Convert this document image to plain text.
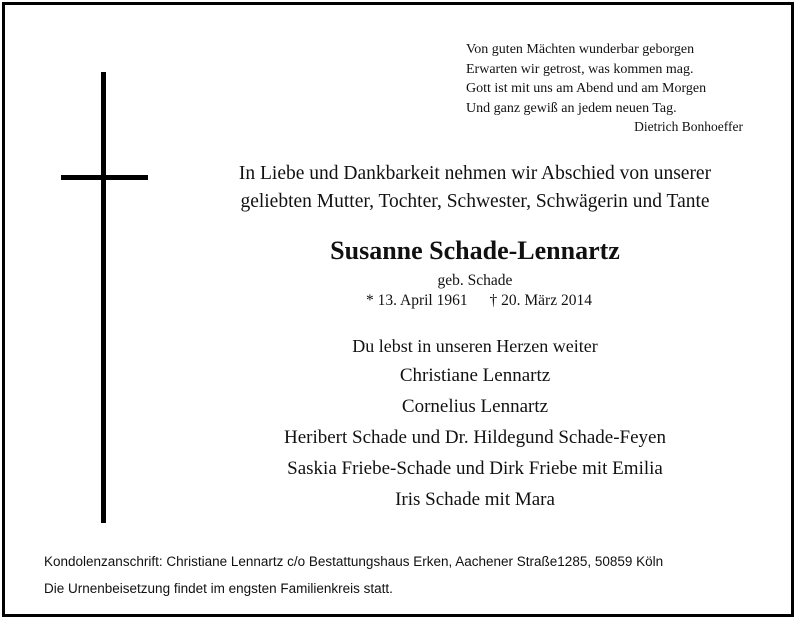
Von guten Mächten wunderbar geborgen
Erwarten wir getrost, was kommen mag.
Gott ist mit uns am Abend und am Morgen
Und ganz gewiß an jedem neuen Tag.
Dietrich Bonhoeffer
In Liebe und Dankbarkeit nehmen wir Abschied von unserer
geliebten Mutter, Tochter, Schwester, Schwägerin und Tante
Susanne Schade-Lennartz
geb. Schade
* 13. April 1961 † 20. März 2014
Du lebst in unseren Herzen weiter
Christiane Lennartz
Cornelius Lennartz
Heribert Schade und Dr. Hildegund Schade-Feyen
Saskia Friebe-Schade und Dirk Friebe mit Emilia
Iris Schade mit Mara
Kondolenzanschrift: Christiane Lennartz c/o Bestattungshaus Erken, Aachener Straße1285, 50859 Köln
Die Urnenbeisetzung findet im engsten Familienkreis statt.
